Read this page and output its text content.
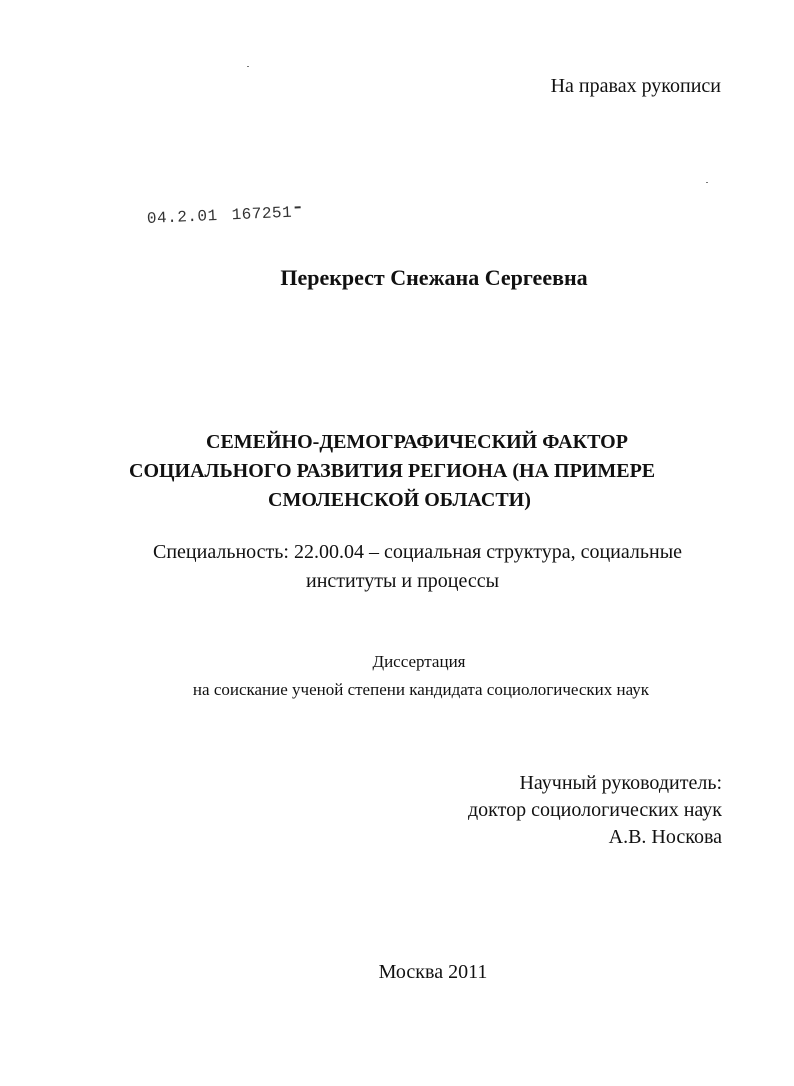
На правах рукописи
04.2.01 167251
Перекрест Снежана Сергеевна
СЕМЕЙНО-ДЕМОГРАФИЧЕСКИЙ ФАКТОР
СОЦИАЛЬНОГО РАЗВИТИЯ РЕГИОНА (НА ПРИМЕРЕ
СМОЛЕНСКОЙ ОБЛАСТИ)
Специальность: 22.00.04 – социальная структура, социальные
институты и процессы
Диссертация
на соискание ученой степени кандидата социологических наук
Научный руководитель:
доктор социологических наук
А.В. Носкова
Москва 2011
